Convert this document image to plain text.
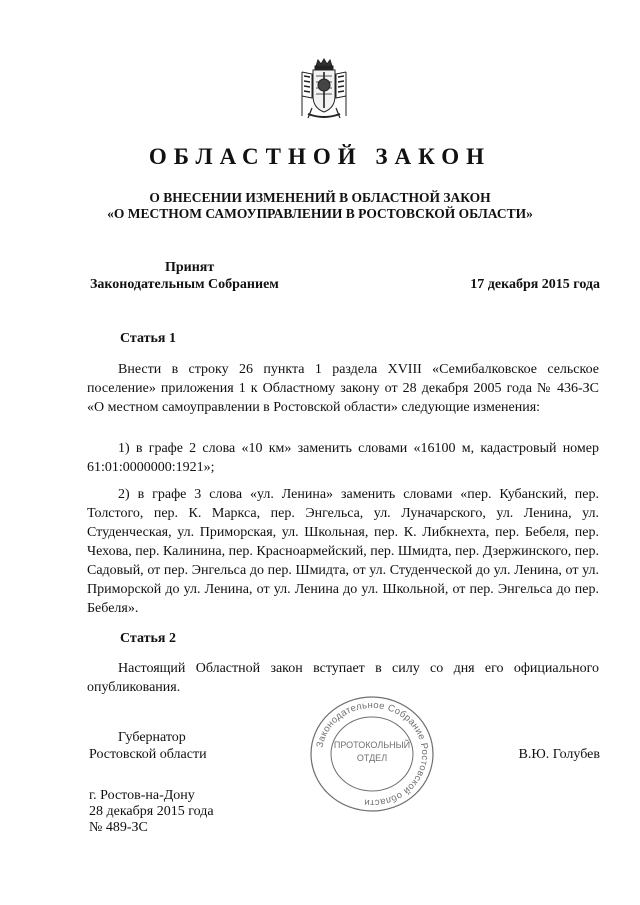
ОБЛАСТНОЙ ЗАКОН
О ВНЕСЕНИИ ИЗМЕНЕНИЙ В ОБЛАСТНОЙ ЗАКОН
«О МЕСТНОМ САМОУПРАВЛЕНИИ В РОСТОВСКОЙ ОБЛАСТИ»
Принят
Законодательным Собранием	17 декабря 2015 года
Статья 1
Внести в строку 26 пункта 1 раздела XVIII «Семибалковское сельское поселение» приложения 1 к Областному закону от 28 декабря 2005 года № 436-ЗС «О местном самоуправлении в Ростовской области» следующие изменения:
1) в графе 2 слова «10 км» заменить словами «16100 м, кадастровый номер 61:01:0000000:1921»;
2) в графе 3 слова «ул. Ленина» заменить словами «пер. Кубанский, пер. Толстого, пер. К. Маркса, пер. Энгельса, ул. Луначарского, ул. Ленина, ул. Студенческая, ул. Приморская, ул. Школьная, пер. К. Либкнехта, пер. Бебеля, пер. Чехова, пер. Калинина, пер. Красноармейский, пер. Шмидта, пер. Дзержинского, пер. Садовый, от пер. Энгельса до пер. Шмидта, от ул. Студенческой до ул. Ленина, от ул. Приморской до ул. Ленина, от ул. Ленина до ул. Школьной, от пер. Энгельса до пер. Бебеля».
Статья 2
Настоящий Областной закон вступает в силу со дня его официального опубликования.
Законодательное Собрание Ростовской области
ПРОТОКОЛЬНЫЙ
ОТДЕЛ
Губернатор
Ростовской области	В.Ю. Голубев
г. Ростов-на-Дону
28 декабря 2015 года
№ 489-ЗС
